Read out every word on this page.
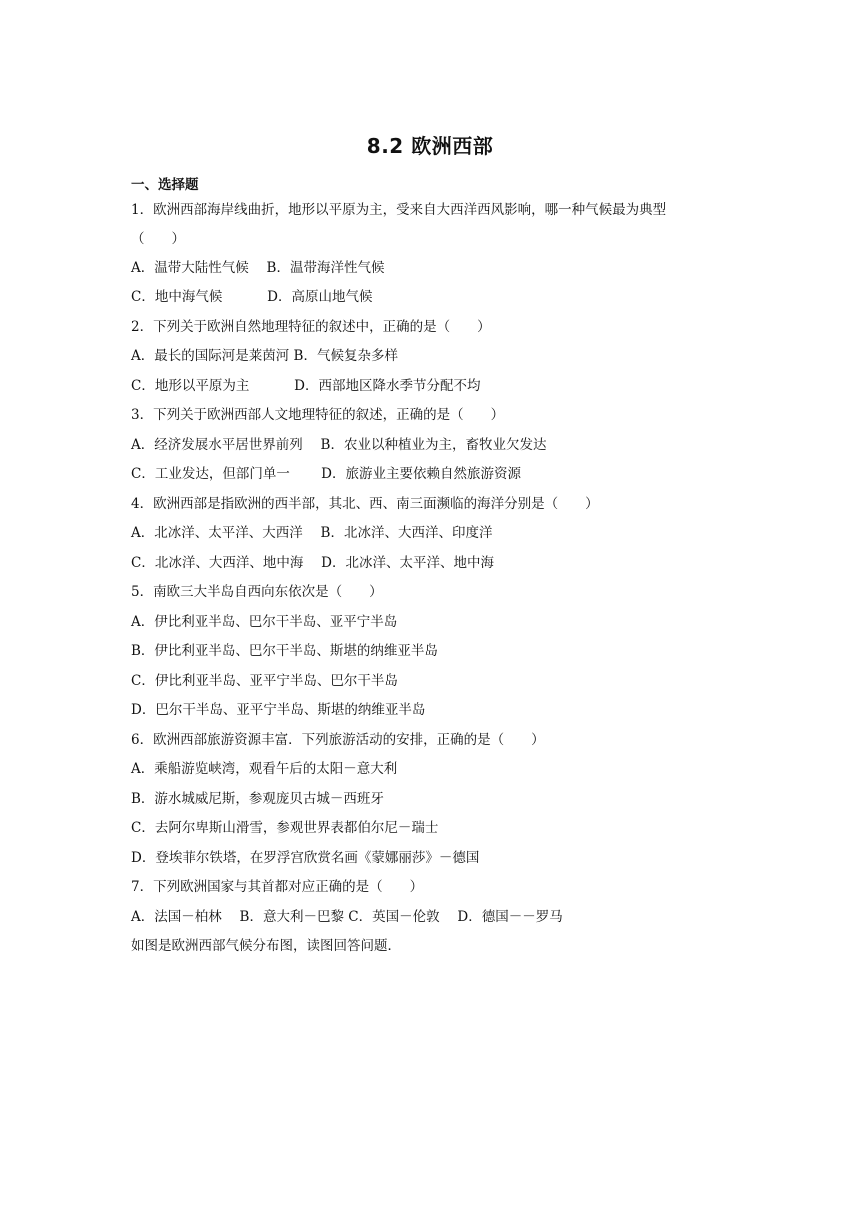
8.2 欧洲西部
一、选择题
1．欧洲西部海岸线曲折，地形以平原为主，受来自大西洋西风影响，哪一种气候最为典型
（　　）
A．温带大陆性气候　 B．温带海洋性气候
C．地中海气候　　　 D．高原山地气候
2．下列关于欧洲自然地理特征的叙述中，正确的是（　　）
A．最长的国际河是莱茵河 B．气候复杂多样
C．地形以平原为主　　　 D．西部地区降水季节分配不均
3．下列关于欧洲西部人文地理特征的叙述，正确的是（　　）
A．经济发展水平居世界前列　 B．农业以种植业为主，畜牧业欠发达
C．工业发达，但部门单一　　 D．旅游业主要依赖自然旅游资源
4．欧洲西部是指欧洲的西半部，其北、西、南三面濒临的海洋分别是（　　）
A．北冰洋、太平洋、大西洋　 B．北冰洋、大西洋、印度洋
C．北冰洋、大西洋、地中海　 D．北冰洋、太平洋、地中海
5．南欧三大半岛自西向东依次是（　　）
A．伊比利亚半岛、巴尔干半岛、亚平宁半岛
B．伊比利亚半岛、巴尔干半岛、斯堪的纳维亚半岛
C．伊比利亚半岛、亚平宁半岛、巴尔干半岛
D．巴尔干半岛、亚平宁半岛、斯堪的纳维亚半岛
6．欧洲西部旅游资源丰富．下列旅游活动的安排，正确的是（　　）
A．乘船游览峡湾，观看午后的太阳－意大利
B．游水城威尼斯，参观庞贝古城－西班牙
C．去阿尔卑斯山滑雪，参观世界表都伯尔尼－瑞士
D．登埃菲尔铁塔，在罗浮宫欣赏名画《蒙娜丽莎》－德国
7．下列欧洲国家与其首都对应正确的是（　　）
A．法国－柏林　 B．意大利－巴黎 C．英国－伦敦　 D．德国－－罗马
如图是欧洲西部气候分布图，读图回答问题．
